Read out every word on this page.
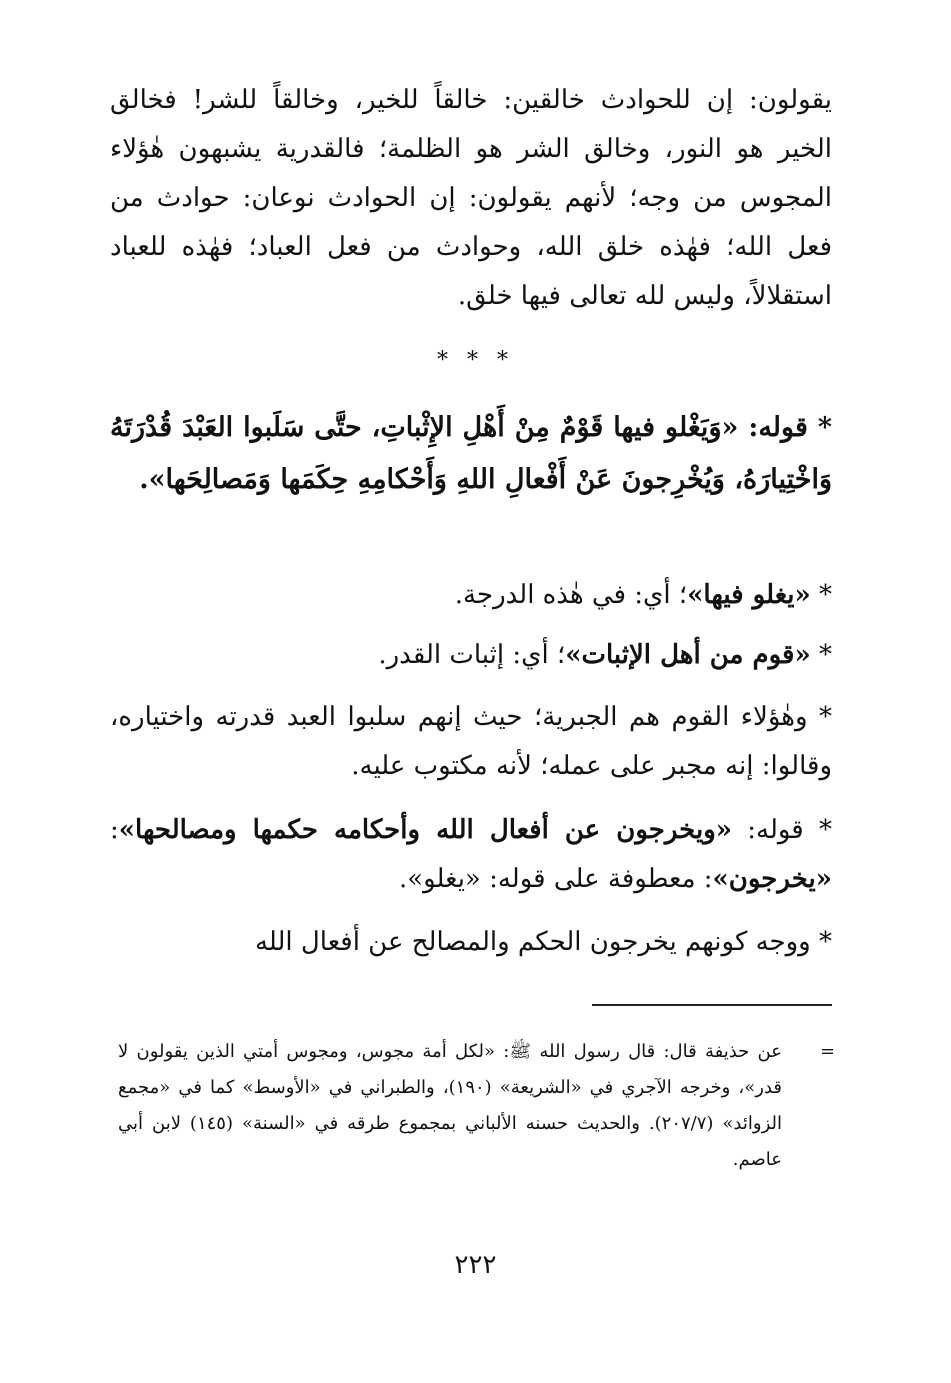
يقولون: إن للحوادث خالقين: خالقاً للخير، وخالقاً للشر! فخالق الخير هو النور، وخالق الشر هو الظلمة؛ فالقدرية يشبهون هٰؤلاء المجوس من وجه؛ لأنهم يقولون: إن الحوادث نوعان: حوادث من فعل الله؛ فهٰذه خلق الله، وحوادث من فعل العباد؛ فهٰذه للعباد استقلالاً، وليس لله تعالى فيها خلق.

* * *

* قوله: «وَيَغْلو فيها قَوْمٌ مِنْ أَهْلِ الإِثْباتِ، حتَّى سَلَبوا العَبْدَ قُدْرَتَهُ وَاخْتِيارَهُ، وَيُخْرِجونَ عَنْ أَفْعالِ اللهِ وَأَحْكامِهِ حِكَمَها وَمَصالِحَها».

* «يغلو فيها»؛ أي: في هٰذه الدرجة.

* «قوم من أهل الإثبات»؛ أي: إثبات القدر.

* وهٰؤلاء القوم هم الجبرية؛ حيث إنهم سلبوا العبد قدرته واختياره، وقالوا: إنه مجبر على عمله؛ لأنه مكتوب عليه.

* قوله: «ويخرجون عن أفعال الله وأحكامه حكمها ومصالحها»: «يخرجون»: معطوفة على قوله: «يغلو».

* ووجه كونهم يخرجون الحكم والمصالح عن أفعال الله

=

عن حذيفة قال: قال رسول الله ﷺ: «لكل أمة مجوس، ومجوس أمتي الذين يقولون لا قدر»، وخرجه الآجري في «الشريعة» (١٩٠)، والطبراني في «الأوسط» كما في «مجمع الزوائد» (٢٠٧/٧). والحديث حسنه الألباني بمجموع طرقه في «السنة» (١٤٥) لابن أبي عاصم.

٢٢٢
